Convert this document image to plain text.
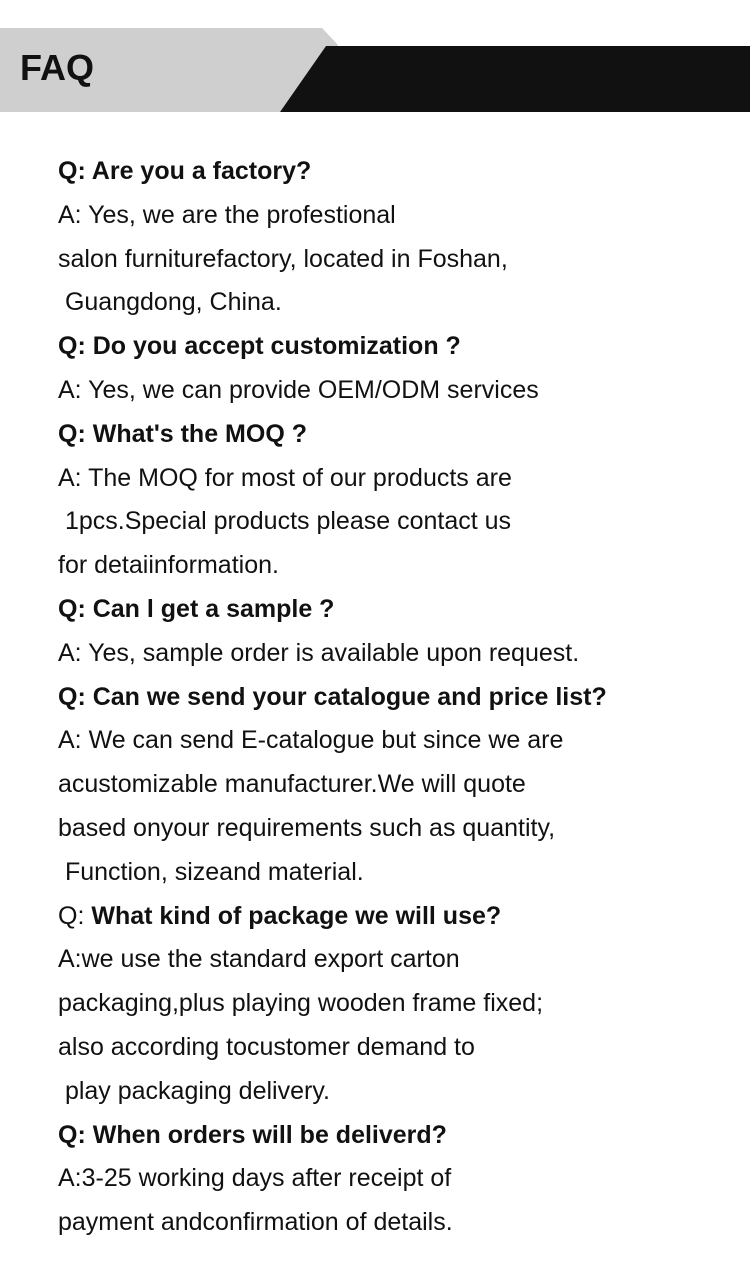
FAQ
Q: Are you a factory?
A: Yes, we are the profestional
salon furniturefactory, located in Foshan,
Guangdong, China.
Q: Do you accept customization ?
A: Yes, we can provide OEM/ODM services
Q: What's the MOQ ?
A: The MOQ for most of our products are
1pcs.Special products please contact us
for detaiinformation.
Q: Can l get a sample ?
A: Yes, sample order is available upon request.
Q: Can we send your catalogue and price list?
A: We can send E-catalogue but since we are
acustomizable manufacturer.We will quote
based onyour requirements such as quantity,
Function, sizeand material.
Q: What kind of package we will use?
A:we use the standard export carton
packaging,plus playing wooden frame fixed;
also according tocustomer demand to
play packaging delivery.
Q: When orders will be deliverd?
A:3-25 working days after receipt of
payment andconfirmation of details.
